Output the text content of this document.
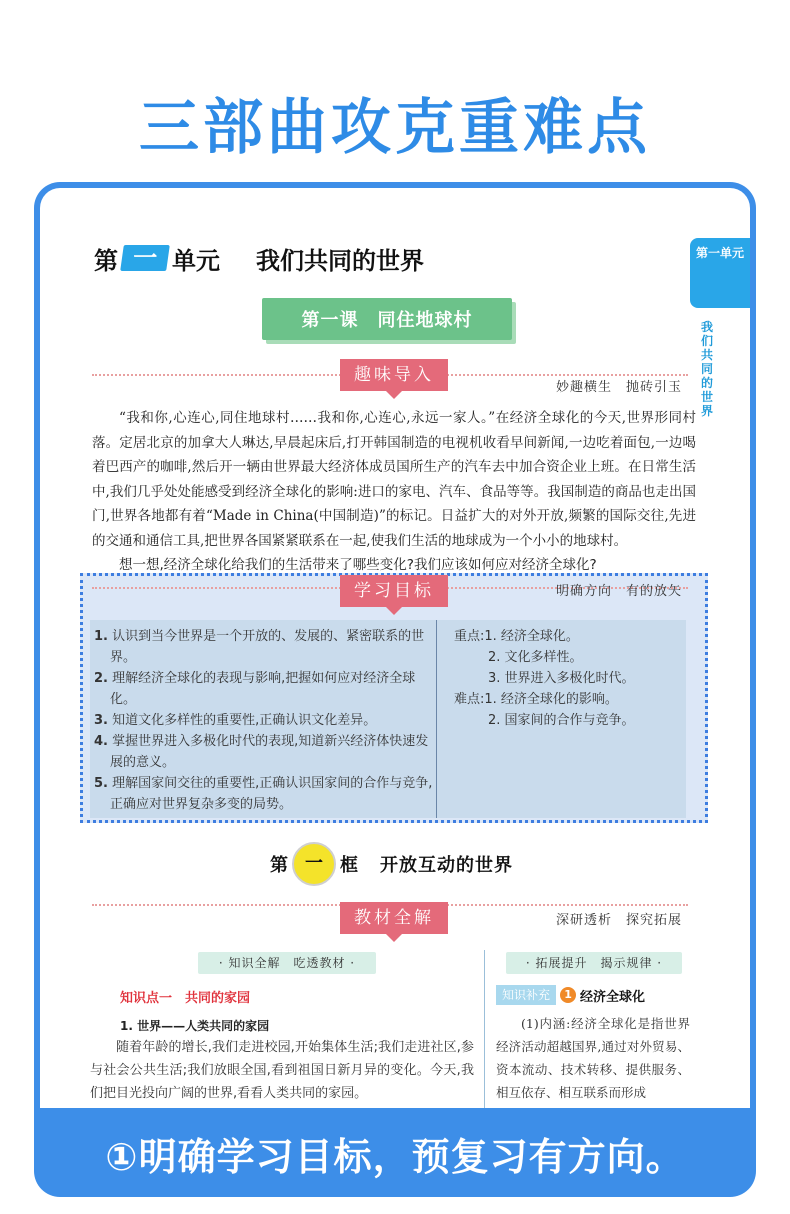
三部曲攻克重难点
第一单元
我们共同的世界
第 一 单元 我们共同的世界
第一课　同住地球村
趣味导入
妙趣横生　抛砖引玉

“我和你,心连心,同住地球村……我和你,心连心,永远一家人。”在经济全球化的今天,世界形同村落。定居北京的加拿大人琳达,早晨起床后,打开韩国制造的电视机收看早间新闻,一边吃着面包,一边喝着巴西产的咖啡,然后开一辆由世界最大经济体成员国所生产的汽车去中加合资企业上班。在日常生活中,我们几乎处处能感受到经济全球化的影响:进口的家电、汽车、食品等等。我国制造的商品也走出国门,世界各地都有着“Made in China(中国制造)”的标记。日益扩大的对外开放,频繁的国际交往,先进的交通和通信工具,把世界各国紧紧联系在一起,使我们生活的地球成为一个小小的地球村。

想一想,经济全球化给我们的生活带来了哪些变化?我们应该如何应对经济全球化?

学习目标	明确方向　有的放矢
1. 认识到当今世界是一个开放的、发展的、紧密联系的世界。
2. 理解经济全球化的表现与影响,把握如何应对经济全球化。
3. 知道文化多样性的重要性,正确认识文化差异。
4. 掌握世界进入多极化时代的表现,知道新兴经济体快速发展的意义。
5. 理解国家间交往的重要性,正确认识国家间的合作与竞争,正确应对世界复杂多变的局势。
重点:1. 经济全球化。
2. 文化多样性。
3. 世界进入多极化时代。
难点:1. 经济全球化的影响。
2. 国家间的合作与竞争。
第 一 框 开放互动的世界
教材全解	深研透析　探究拓展
· 知识全解　吃透教材 ·	· 拓展提升　揭示规律 ·
知识点一　共同的家园
1. 世界——人类共同的家园

随着年龄的增长,我们走进校园,开始集体生活;我们走进社区,参与社会公共生活;我们放眼全国,看到祖国日新月异的变化。今天,我们把目光投向广阔的世界,看看人类共同的家园。

知识补充	1 经济全球化

(1)内涵:经济全球化是指世界经济活动超越国界,通过对外贸易、资本流动、技术转移、提供服务、相互依存、相互联系而形成

①明确学习目标，预复习有方向。
